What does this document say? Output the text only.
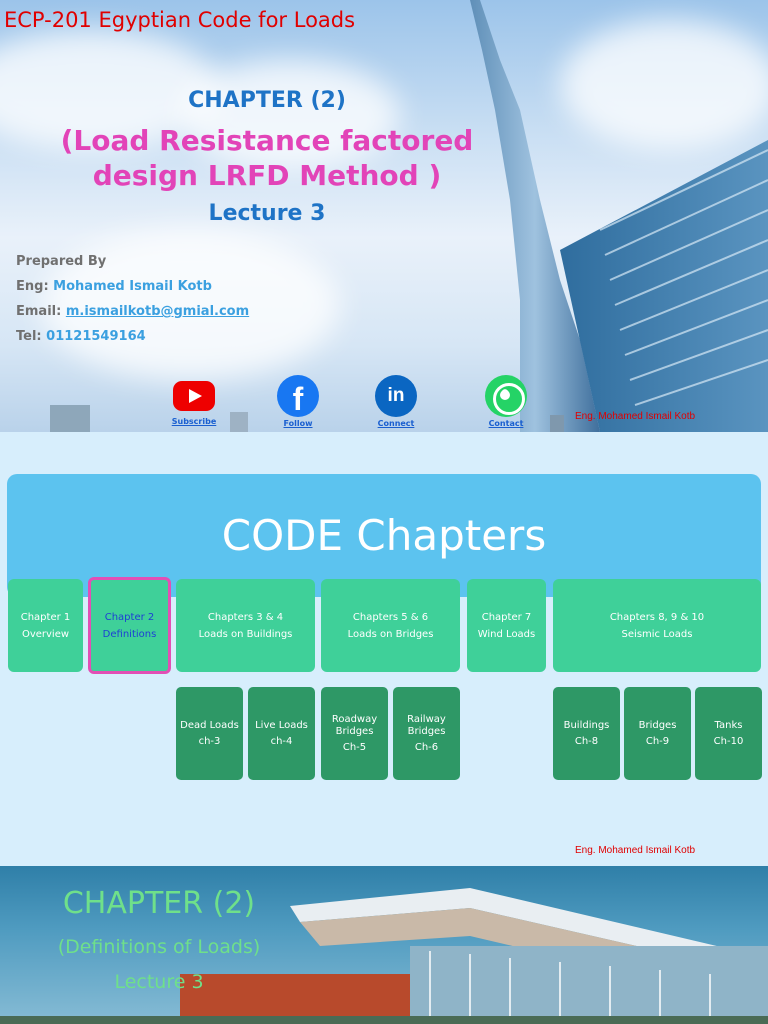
ECP-201 Egyptian Code for Loads
CHAPTER (2)
(Load Resistance factored
design LRFD Method )
Lecture 3
Prepared By
Eng: Mohamed Ismail Kotb
Email: m.ismailkotb@gmial.com
Tel: 01121549164
Subscribe
f
Follow
in
Connect	Contact
Eng. Mohamed Ismail Kotb
CODE Chapters
Chapter 1
Overview
Chapter 2
Definitions
Chapters 3 & 4
Loads on Buildings
Chapters 5 & 6
Loads on Bridges
Chapter 7
Wind Loads
Chapters 8, 9 & 10
Seismic Loads
Dead Loads
ch-3
Live Loads
ch-4
Roadway
Bridges
Ch-5
Railway
Bridges
Ch-6
Buildings
Ch-8
Bridges
Ch-9
Tanks
Ch-10
Eng. Mohamed Ismail Kotb
CHAPTER (2)
(Definitions of Loads)
Lecture 3
